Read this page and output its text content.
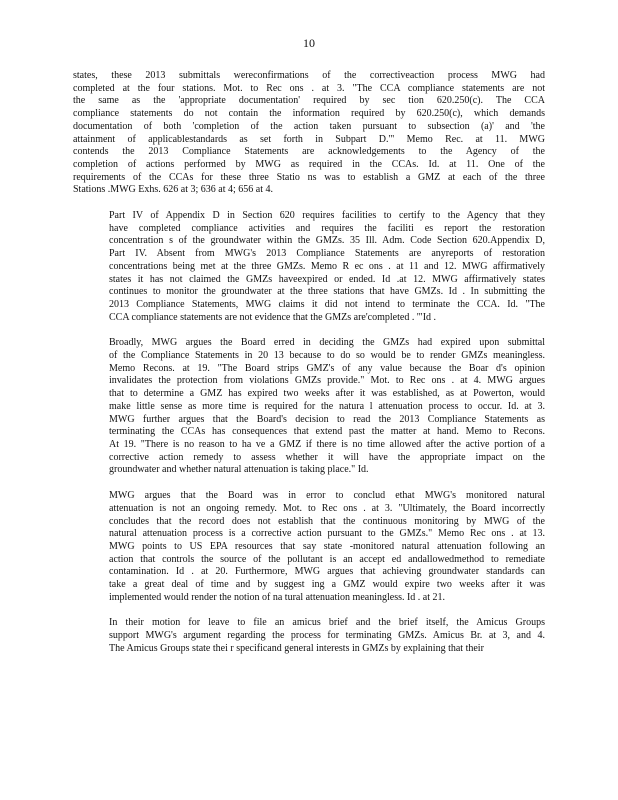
10
states, these 2013 submittals wereconfirmations of the correctiveaction process MWG had
completed at the four stations. Mot. to Rec ons . at 3. "The CCA compliance statements are not
the same as the 'appropriate documentation' required by sec tion 620.250(c). The CCA
compliance statements do not contain the information required by 620.250(c), which demands
documentation of both 'completion of the action taken pursuant to subsection (a)' and 'the
attainment of applicablestandards as set forth in Subpart D.'" Memo Rec. at 11. MWG
contends the 2013 Compliance Statements are acknowledgements to the Agency of the
completion of actions performed by MWG as required in the CCAs. Id. at 11. One of the
requirements of the CCAs for these three Statio ns was to establish a GMZ at each of the three
Stations .MWG Exhs. 626 at 3; 636 at 4; 656 at 4.
Part IV of Appendix D in Section 620 requires facilities to certify to the Agency that they
have completed compliance activities and requires the faciliti es report the restoration
concentration s of the groundwater within the GMZs. 35 Ill. Adm. Code Section 620.Appendix D,
Part IV. Absent from MWG's 2013 Compliance Statements are anyreports of restoration
concentrations being met at the three GMZs. Memo R ec ons . at 11 and 12. MWG affirmatively
states it has not claimed the GMZs haveexpired or ended. Id .at 12. MWG affirmatively states
continues to monitor the groundwater at the three stations that have GMZs. Id . In submitting the
2013 Compliance Statements, MWG claims it did not intend to terminate the CCA. Id. "The
CCA compliance statements are not evidence that the GMZs are'completed . '"Id .
Broadly, MWG argues the Board erred in deciding the GMZs had expired upon submittal
of the Compliance Statements in 20 13 because to do so would be to render GMZs meaningless.
Memo Recons. at 19. "The Board strips GMZ's of any value because the Boar d's opinion
invalidates the protection from violations GMZs provide." Mot. to Rec ons . at 4. MWG argues
that to determine a GMZ has expired two weeks after it was established, as at Powerton, would
make little sense as more time is required for the natura l attenuation process to occur. Id. at 3.
MWG further argues that the Board's decision to read the 2013 Compliance Statements as
terminating the CCAs has consequences that extend past the matter at hand. Memo to Recons.
At 19. "There is no reason to ha ve a GMZ if there is no time allowed after the active portion of a
corrective action remedy to assess whether it will have the appropriate impact on the
groundwater and whether natural attenuation is taking place." Id.
MWG argues that the Board was in error to conclud ethat MWG's monitored natural
attenuation is not an ongoing remedy. Mot. to Rec ons . at 3. "Ultimately, the Board incorrectly
concludes that the record does not establish that the continuous monitoring by MWG of the
natural attenuation process is a corrective action pursuant to the GMZs." Memo Rec ons . at 13.
MWG points to US EPA resources that say state -monitored natural attenuation following an
action that controls the source of the pollutant is an accept ed andallowedmethod to remediate
contamination. Id . at 20. Furthermore, MWG argues that achieving groundwater standards can
take a great deal of time and by suggest ing a GMZ would expire two weeks after it was
implemented would render the notion of na tural attenuation meaningless. Id . at 21.
In their motion for leave to file an amicus brief and the brief itself, the Amicus Groups
support MWG's argument regarding the process for terminating GMZs. Amicus Br. at 3, and 4.
The Amicus Groups state thei r specificand general interests in GMZs by explaining that their
